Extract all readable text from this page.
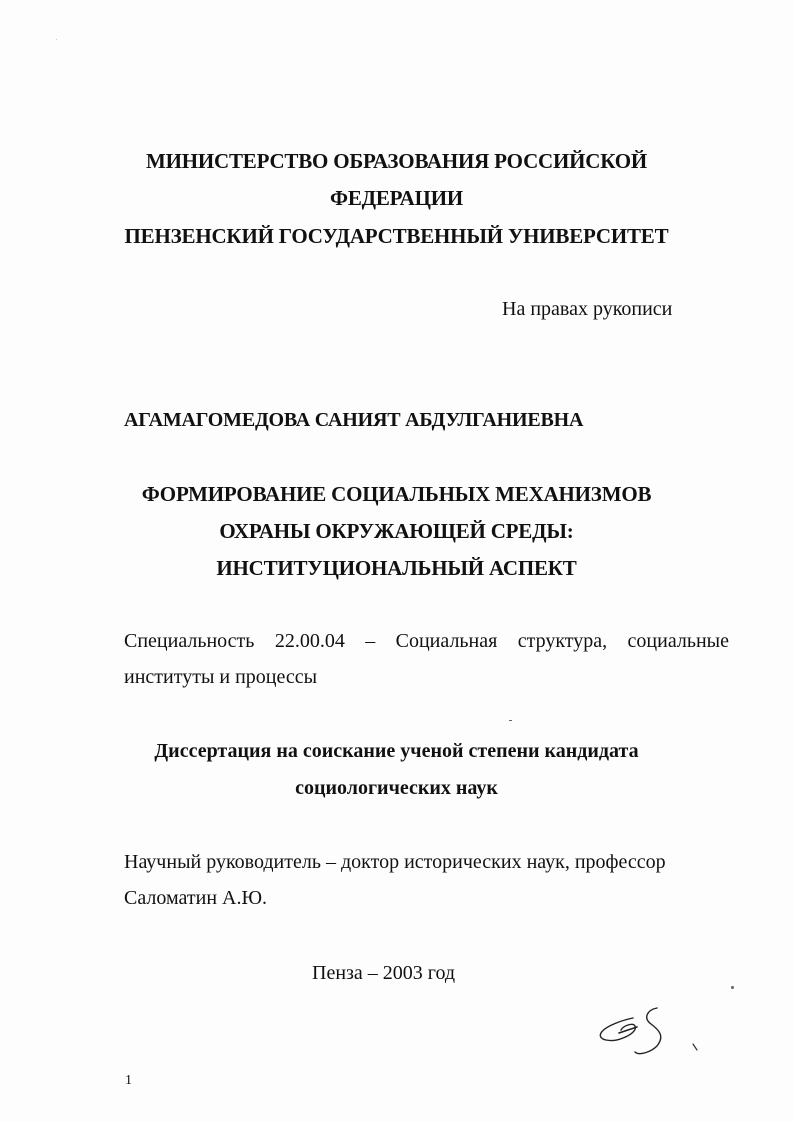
МИНИСТЕРСТВО ОБРАЗОВАНИЯ РОССИЙСКОЙ
ФЕДЕРАЦИИ
ПЕНЗЕНСКИЙ ГОСУДАРСТВЕННЫЙ УНИВЕРСИТЕТ
На правах рукописи
АГАМАГОМЕДОВА САНИЯТ АБДУЛГАНИЕВНА
ФОРМИРОВАНИЕ СОЦИАЛЬНЫХ МЕХАНИЗМОВ
ОХРАНЫ ОКРУЖАЮЩЕЙ СРЕДЫ:
ИНСТИТУЦИОНАЛЬНЫЙ АСПЕКТ
Специальность 22.00.04 – Социальная структура, социальные
институты и процессы
Диссертация на соискание ученой степени кандидата
социологических наук
Научный руководитель – доктор исторических наук, профессор
Саломатин А.Ю.
Пенза – 2003 год
1
